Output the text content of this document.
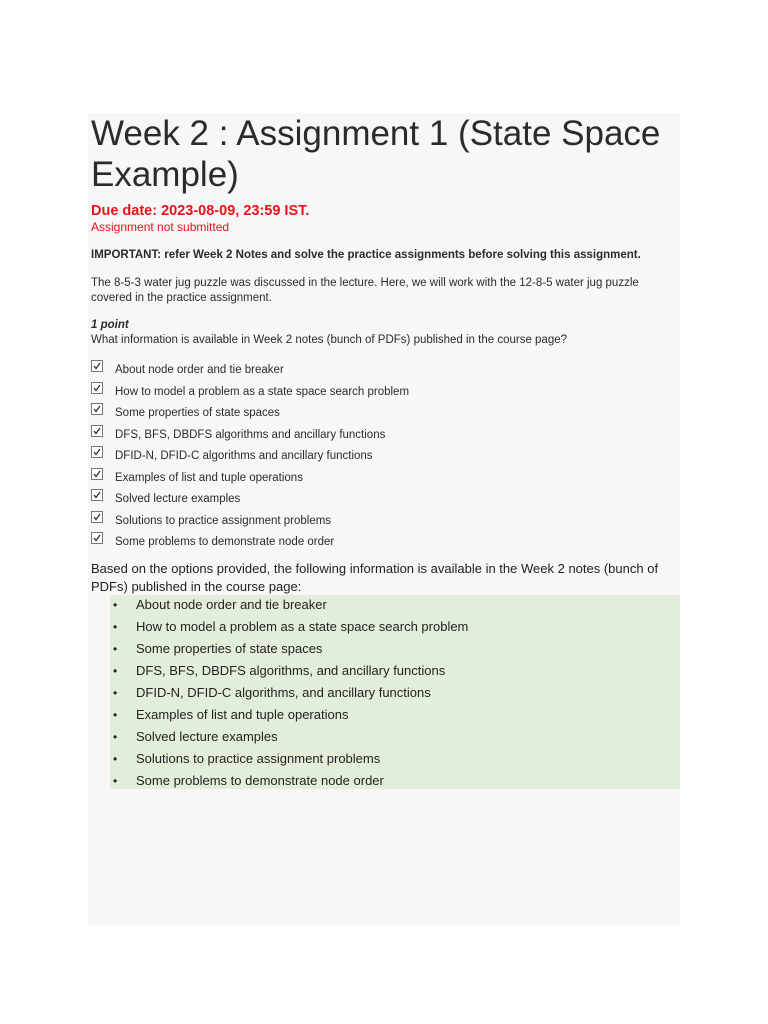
Week 2 : Assignment 1 (State Space Example)
Due date: 2023-08-09, 23:59 IST.
Assignment not submitted
IMPORTANT: refer Week 2 Notes and solve the practice assignments before solving this assignment.
The 8-5-3 water jug puzzle was discussed in the lecture. Here, we will work with the 12-8-5 water jug puzzle covered in the practice assignment.
1 point
What information is available in Week 2 notes (bunch of PDFs) published in the course page?
About node order and tie breaker
How to model a problem as a state space search problem
Some properties of state spaces
DFS, BFS, DBDFS algorithms and ancillary functions
DFID-N, DFID-C algorithms and ancillary functions
Examples of list and tuple operations
Solved lecture examples
Solutions to practice assignment problems
Some problems to demonstrate node order
Based on the options provided, the following information is available in the Week 2 notes (bunch of PDFs) published in the course page:
• About node order and tie breaker
• How to model a problem as a state space search problem
• Some properties of state spaces
• DFS, BFS, DBDFS algorithms, and ancillary functions
• DFID-N, DFID-C algorithms, and ancillary functions
• Examples of list and tuple operations
• Solved lecture examples
• Solutions to practice assignment problems
• Some problems to demonstrate node order
